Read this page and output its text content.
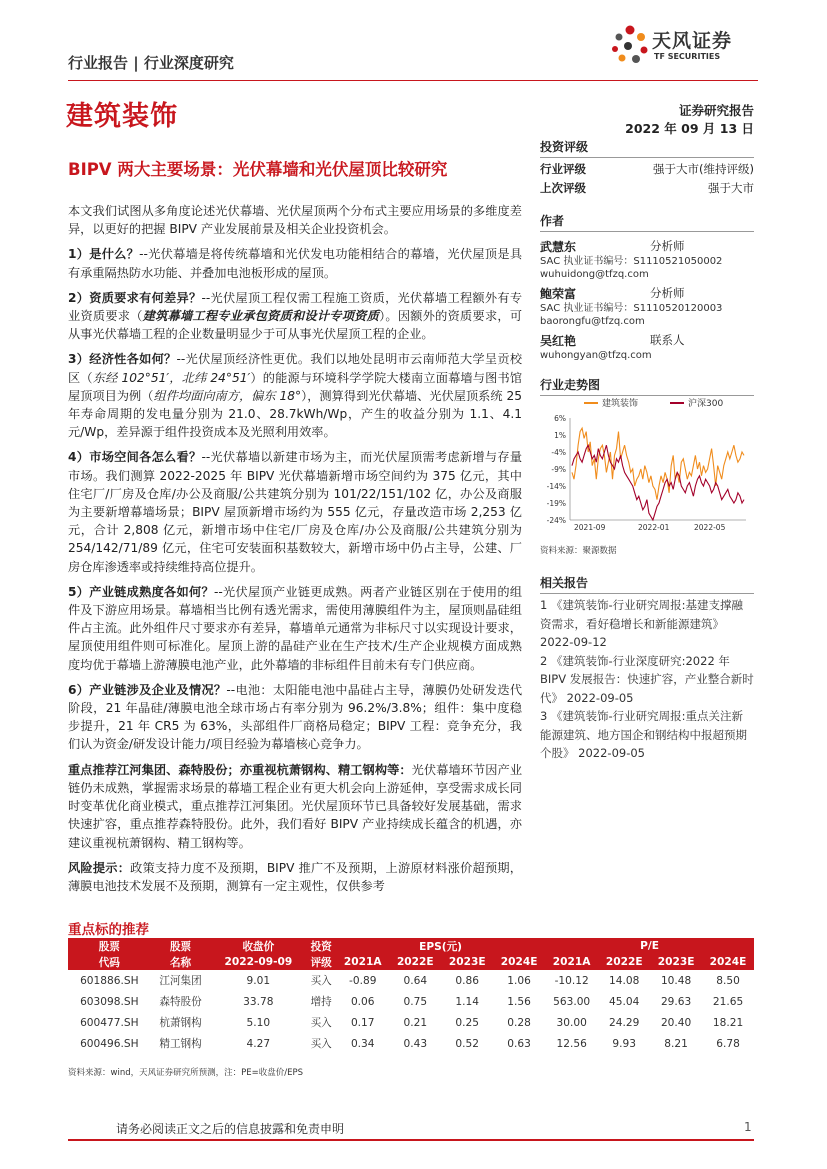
行业报告 | 行业深度研究
天风证券
TF SECURITIES
建筑装饰	证券研究报告
2022 年 09 月 13 日
BIPV 两大主要场景：光伏幕墙和光伏屋顶比较研究

本文我们试图从多角度论述光伏幕墙、光伏屋顶两个分布式主要应用场景的多维度差异，以更好的把握 BIPV 产业发展前景及相关企业投资机会。

1）是什么？--光伏幕墙是将传统幕墙和光伏发电功能相结合的幕墙，光伏屋顶是具有承重隔热防水功能、并叠加电池板形成的屋顶。

2）资质要求有何差异？--光伏屋顶工程仅需工程施工资质，光伏幕墙工程额外有专业资质要求（建筑幕墙工程专业承包资质和设计专项资质）。因额外的资质要求，可从事光伏幕墙工程的企业数量明显少于可从事光伏屋顶工程的企业。

3）经济性各如何？--光伏屋顶经济性更优。我们以地处昆明市云南师范大学呈贡校区（东经 102°51′，北纬 24°51′）的能源与环境科学学院大楼南立面幕墙与图书馆屋顶项目为例（组件均面向南方，偏东 18°），测算得到光伏幕墙、光伏屋顶系统 25 年寿命周期的发电量分别为 21.0、28.7kWh/Wp，产生的收益分别为 1.1、4.1 元/Wp，差异源于组件投资成本及光照利用效率。

4）市场空间各怎么看？--光伏幕墙以新建市场为主，而光伏屋顶需考虑新增与存量市场。我们测算 2022-2025 年 BIPV 光伏幕墙新增市场空间约为 375 亿元，其中住宅厂/厂房及仓库/办公及商服/公共建筑分别为 101/22/151/102 亿，办公及商服为主要新增幕墙场景；BIPV 屋顶新增市场约为 555 亿元，存量改造市场 2,253 亿元，合计 2,808 亿元，新增市场中住宅/厂房及仓库/办公及商服/公共建筑分别为 254/142/71/89 亿元，住宅可安装面积基数较大，新增市场中仍占主导，公建、厂房仓库渗透率或持续维持高位提升。

5）产业链成熟度各如何？--光伏屋顶产业链更成熟。两者产业链区别在于使用的组件及下游应用场景。幕墙相当比例有透光需求，需使用薄膜组件为主，屋顶则晶硅组件占主流。此外组件尺寸要求亦有差异，幕墙单元通常为非标尺寸以实现设计要求，屋顶使用组件则可标准化。屋顶上游的晶硅产业在生产技术/生产企业规模方面成熟度均优于幕墙上游薄膜电池产业，此外幕墙的非标组件目前未有专门供应商。

6）产业链涉及企业及情况？--电池：太阳能电池中晶硅占主导，薄膜仍处研发迭代阶段，21 年晶硅/薄膜电池全球市场占有率分别为 96.2%/3.8%；组件：集中度稳步提升，21 年 CR5 为 63%，头部组件厂商格局稳定；BIPV 工程：竞争充分，我们认为资金/研发设计能力/项目经验为幕墙核心竞争力。

重点推荐江河集团、森特股份；亦重视杭萧钢构、精工钢构等：光伏幕墙环节因产业链仍未成熟，掌握需求场景的幕墙工程企业有更大机会向上游延伸，享受需求成长同时变革优化商业模式，重点推荐江河集团。光伏屋顶环节已具备较好发展基础，需求快速扩容，重点推荐森特股份。此外，我们看好 BIPV 产业持续成长蕴含的机遇，亦建议重视杭萧钢构、精工钢构等。

风险提示：政策支持力度不及预期，BIPV 推广不及预期，上游原材料涨价超预期，薄膜电池技术发展不及预期，测算有一定主观性，仅供参考

投资评级
行业评级	强于大市(维持评级)
上次评级	强于大市
作者
武慧东	分析师
SAC 执业证书编号：S1110521050002
wuhuidong@tfzq.com
鲍荣富	分析师
SAC 执业证书编号：S1110520120003
baorongfu@tfzq.com
吴红艳	联系人
wuhongyan@tfzq.com
行业走势图
建筑装饰	沪深300
6%
1%
-4%
-9%
-14%
-19%
-24%
2021-09	2022-01	2022-05
资料来源：聚源数据
相关报告
1 《建筑装饰-行业研究周报:基建支撑融资需求，看好稳增长和新能源建筑》 2022-09-12
2 《建筑装饰-行业深度研究:2022 年 BIPV 发展报告：快速扩容，产业整合新时代》 2022-09-05
3 《建筑装饰-行业研究周报:重点关注新能源建筑、地方国企和钢结构中报超预期个股》 2022-09-05
重点标的推荐
股票	股票	收盘价	投资	EPS(元)				P/E			
代码	名称	2022-09-09	评级	2021A	2022E	2023E	2024E	2021A	2022E	2023E	2024E
601886.SH	江河集团	9.01	买入	-0.89	0.64	0.86	1.06	-10.12	14.08	10.48	8.50
603098.SH	森特股份	33.78	增持	0.06	0.75	1.14	1.56	563.00	45.04	29.63	21.65
600477.SH	杭萧钢构	5.10	买入	0.17	0.21	0.25	0.28	30.00	24.29	20.40	18.21
600496.SH	精工钢构	4.27	买入	0.34	0.43	0.52	0.63	12.56	9.93	8.21	6.78
资料来源：wind，天风证券研究所预测，注：PE=收盘价/EPS
请务必阅读正文之后的信息披露和免责申明	1
